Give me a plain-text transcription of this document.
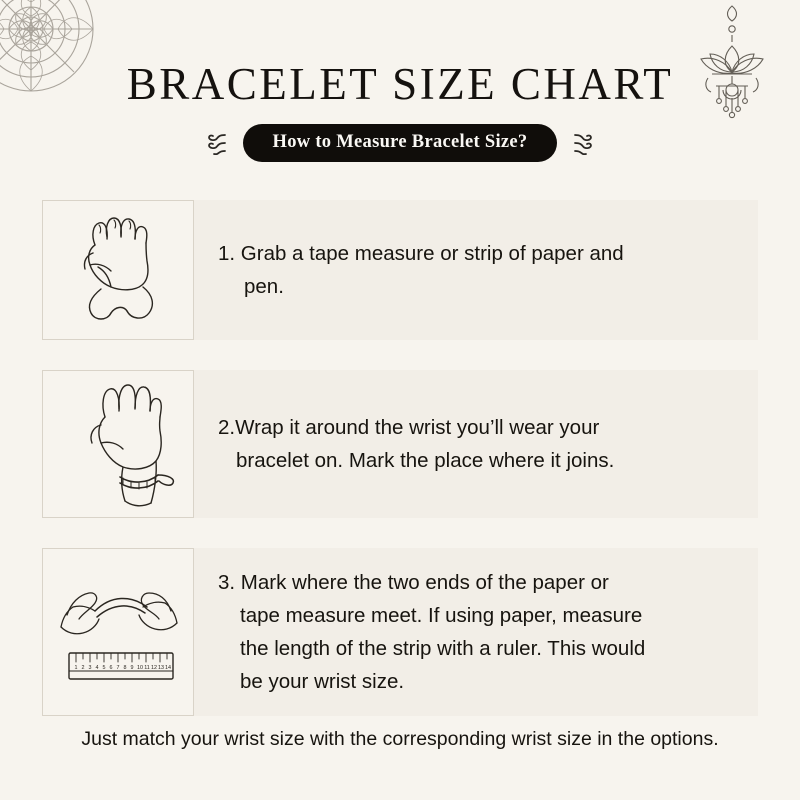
BRACELET SIZE CHART
How to Measure Bracelet Size?
1. Grab a tape measure or strip of paper and
pen.
2.Wrap it around the wrist you’ll wear your
bracelet on. Mark the place where it joins.
1 2 3 4 5 6 7 8 9 10 11 12 13 14
3. Mark where the two ends of the paper or
tape measure meet. If using paper, measure
the length of the strip with a ruler. This would
be your wrist size.
Just match your wrist size with the corresponding wrist size in the options.
